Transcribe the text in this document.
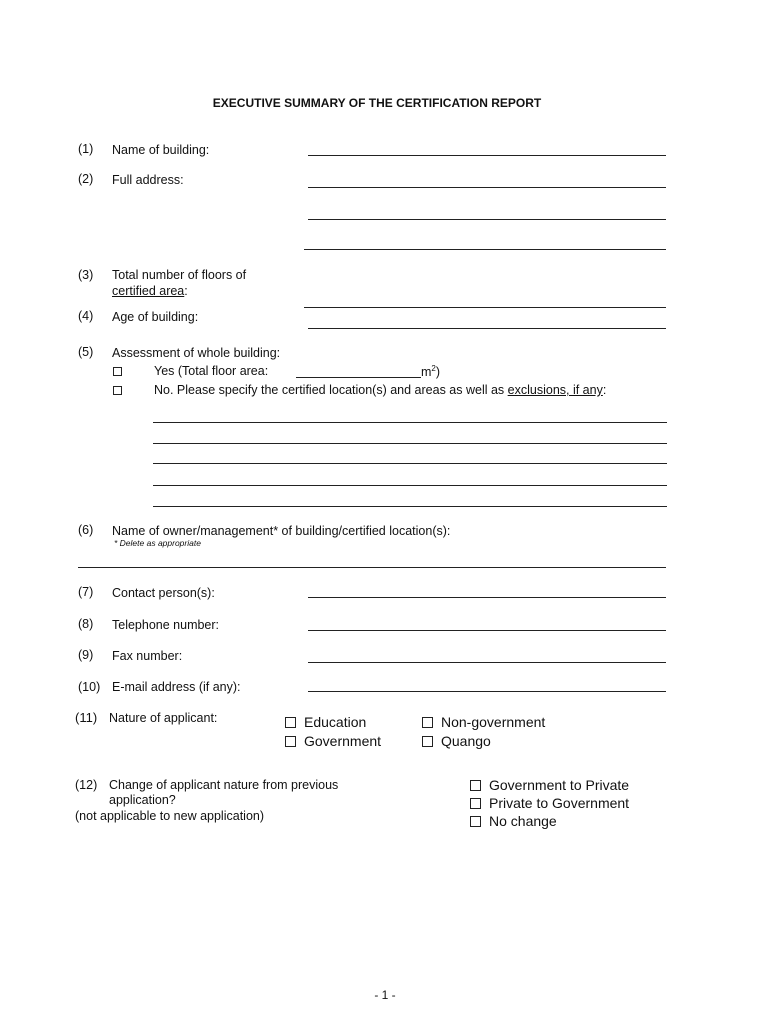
EXECUTIVE SUMMARY OF THE CERTIFICATION REPORT
(1) Name of building:
(2) Full address:
(3) Total number of floors of
certified area:
(4) Age of building:
(5) Assessment of whole building:
Yes (Total floor area:	$m^2$)
No. Please specify the certified location(s) and areas as well as exclusions, if any:
(6) Name of owner/management* of building/certified location(s):
* Delete as appropriate
(7) Contact person(s):
(8) Telephone number:
(9) Fax number:
(10) E-mail address (if any):
(11) Nature of applicant:	Education
Government
Non-government
Quango
(12) Change of applicant nature from previous
application?
(not applicable to new application)
Government to Private
Private to Government
No change
- 1 -
